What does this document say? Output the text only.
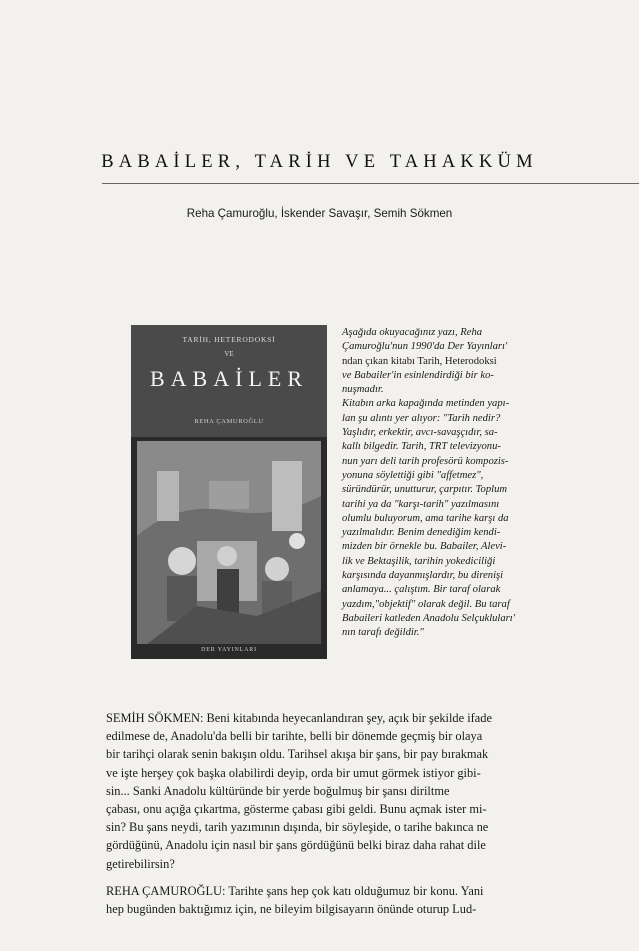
BABAİLER, TARİH VE TAHAKKÜM
Reha Çamuroğlu, İskender Savaşır, Semih Sökmen
TARİH, HETERODOKSİ
VE
BABAİLER
REHA ÇAMUROĞLU
DER YAYINLARI
Aşağıda okuyacağınız yazı, Reha
Çamuroğlu'nun 1990'da Der Yayınları'
ndan çıkan kitabı Tarih, Heterodoksi
ve Babailer'in esinlendirdiği bir ko-
nuşmadır.
Kitabın arka kapağında metinden yapı-
lan şu alıntı yer alıyor: "Tarih nedir?
Yaşlıdır, erkektir, avcı-savaşçıdır, sa-
kallı bilgedir. Tarih, TRT televizyonu-
nun yarı deli tarih profesörü kompozis-
yonuna söylettiği gibi "affetmez",
süründürür, unutturur, çarpıtır. Toplum
tarihi ya da "karşı-tarih" yazılmasını
olumlu buluyorum, ama tarihe karşı da
yazılmalıdır. Benim denediğim kendi-
mizden bir örnekle bu. Babailer, Alevi-
lik ve Bektaşilik, tarihin yokediciliği
karşısında dayanmışlardır, bu direnişi
anlamaya... çalıştım. Bir taraf olarak
yazdım,"objektif" olarak değil. Bu taraf
Babaileri katleden Anadolu Selçukluları'
nın tarafı değildir."
SEMİH SÖKMEN: Beni kitabında heyecanlandıran şey, açık bir şekilde ifade
edilmese de, Anadolu'da belli bir tarihte, belli bir dönemde geçmiş bir olaya
bir tarihçi olarak senin bakışın oldu. Tarihsel akışa bir şans, bir pay bırakmak
ve işte herşey çok başka olabilirdi deyip, orda bir umut görmek istiyor gibi-
sin... Sanki Anadolu kültüründe bir yerde boğulmuş bir şansı diriltme
çabası, onu açığa çıkartma, gösterme çabası gibi geldi. Bunu açmak ister mi-
sin? Bu şans neydi, tarih yazımının dışında, bir söyleşide, o tarihe bakınca ne
gördüğünü, Anadolu için nasıl bir şans gördüğünü belki biraz daha rahat dile
getirebilirsin?
REHA ÇAMUROĞLU: Tarihte şans hep çok katı olduğumuz bir konu. Yani
hep bugünden baktığımız için, ne bileyim bilgisayarın önünde oturup Lud-
